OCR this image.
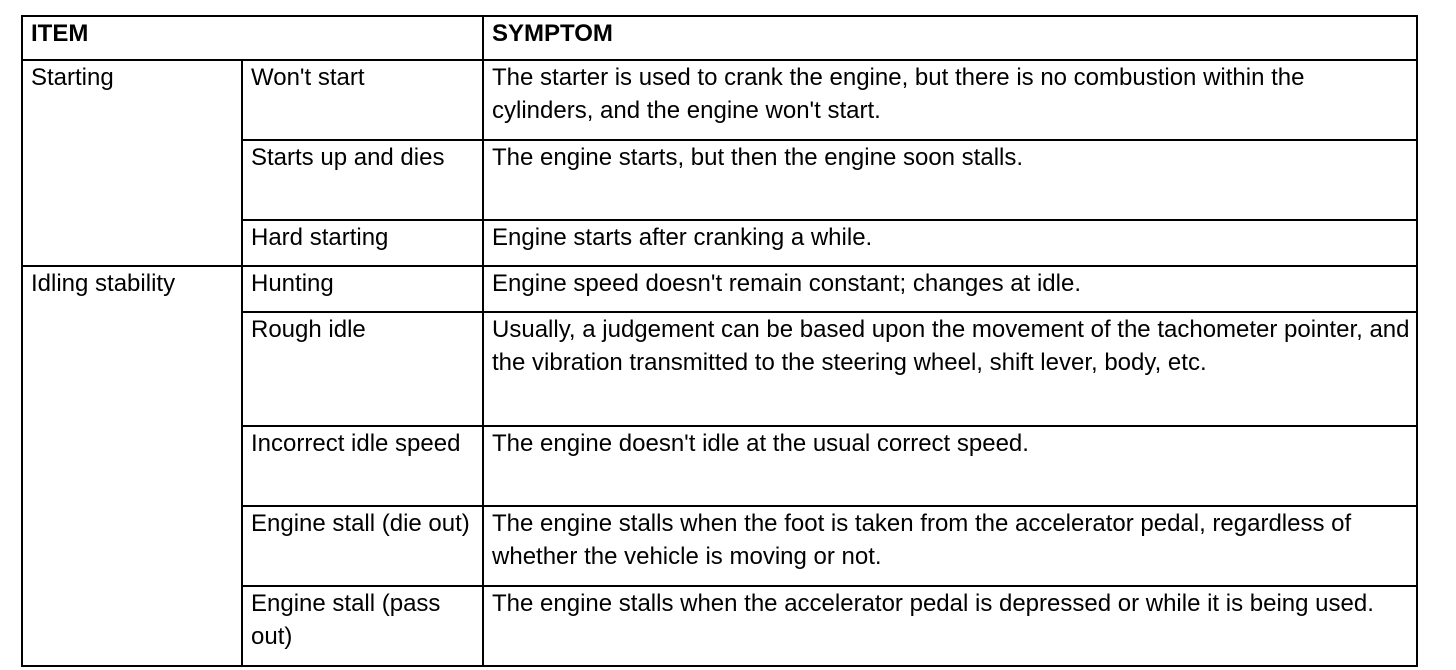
ITEM		SYMPTOM
Starting	Won't start	The starter is used to crank the engine, but there is no combustion within the cylinders, and the engine won't start.
	Starts up and dies	The engine starts, but then the engine soon stalls.
	Hard starting	Engine starts after cranking a while.
Idling stability	Hunting	Engine speed doesn't remain constant; changes at idle.
	Rough idle	Usually, a judgement can be based upon the movement of the tachometer pointer, and the vibration transmitted to the steering wheel, shift lever, body, etc.
	Incorrect idle speed	The engine doesn't idle at the usual correct speed.
	Engine stall (die out)	The engine stalls when the foot is taken from the accelerator pedal, regardless of whether the vehicle is moving or not.
	Engine stall (pass out)	The engine stalls when the accelerator pedal is depressed or while it is being used.
